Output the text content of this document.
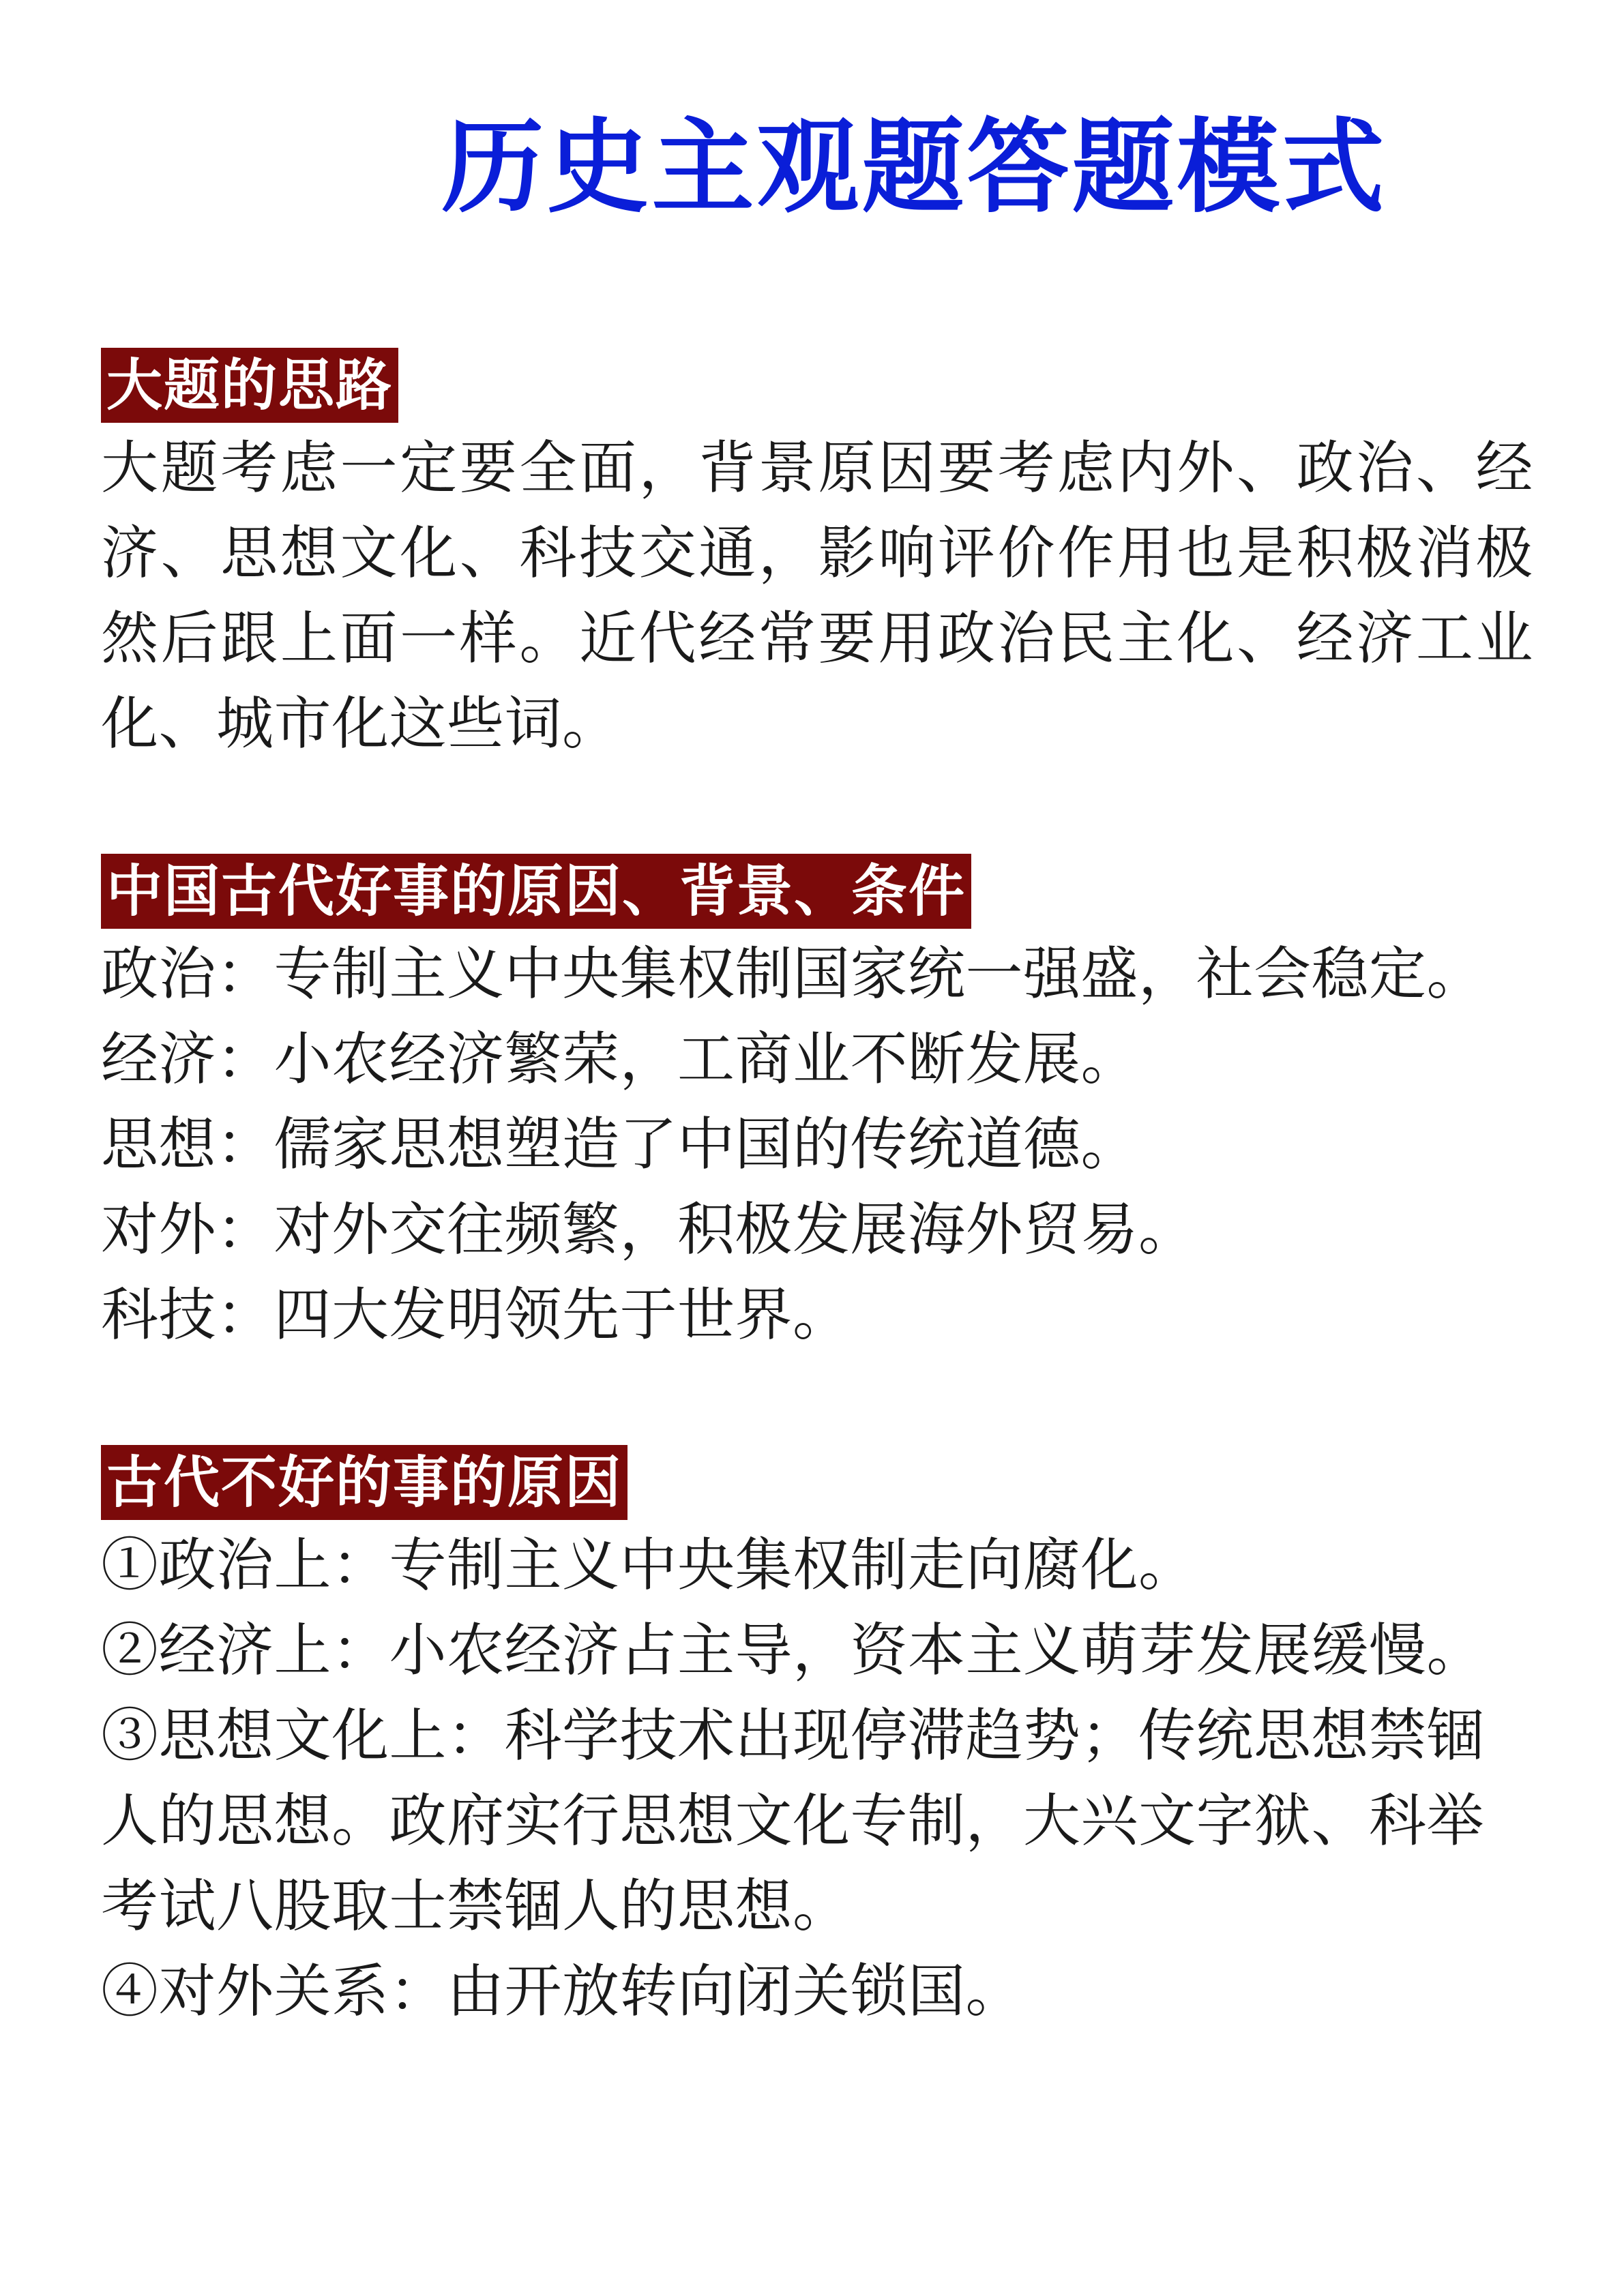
历史主观题答题模式
大题的思路

大题考虑一定要全面，背景原因要考虑内外、政治、经济、思想文化、科技交通，影响评价作用也是积极消极然后跟上面一样。近代经常要用政治民主化、经济工业化、城市化这些词。

中国古代好事的原因、背景、条件

政治：专制主义中央集权制国家统一强盛，社会稳定。

经济：小农经济繁荣，工商业不断发展。

思想：儒家思想塑造了中国的传统道德。

对外：对外交往频繁，积极发展海外贸易。

科技：四大发明领先于世界。

古代不好的事的原因

①政治上：专制主义中央集权制走向腐化。

②经济上：小农经济占主导，资本主义萌芽发展缓慢。

③思想文化上：科学技术出现停滞趋势；传统思想禁锢人的思想。政府实行思想文化专制，大兴文字狱、科举考试八股取士禁锢人的思想。

④对外关系：由开放转向闭关锁国。
